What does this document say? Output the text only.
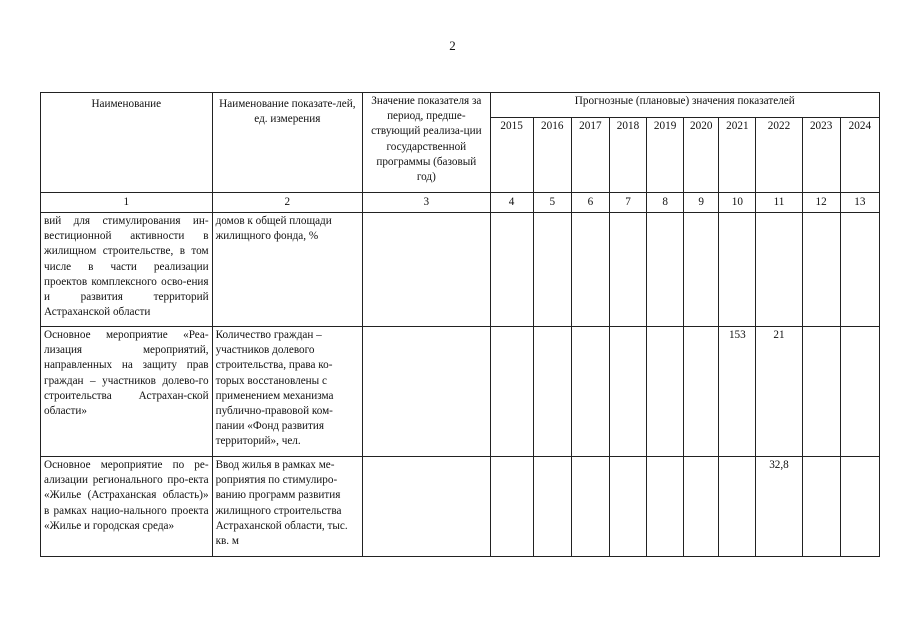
2
Наименование	Наименование показате-лей, ед. измерения	Значение показателя за период, предше-ствующий реализа-ции государственной программы (базовый год)	Прогнозные (плановые) значения показателей									
			2015	2016	2017	2018	2019	2020	2021	2022	2023	2024
1	2	3	4	5	6	7	8	9	10	11	12	13
вий для стимулирования ин-вестиционной активности в жилищном строительстве, в том числе в части реализации проектов комплексного осво-ения и развития территорий Астраханской области	домов к общей площади жилищного фонда, %											
Основное мероприятие «Реа-лизация мероприятий, направленных на защиту прав граждан – участников долево-го строительства Астрахан-ской области»	Количество граждан – участников долевого строительства, права ко-торых восстановлены с применением механизма публично-правовой ком-пании «Фонд развития территорий», чел.								153	21		
Основное мероприятие по ре-ализации регионального про-екта «Жилье (Астраханская область)» в рамках нацио-нального проекта «Жилье и городская среда»	Ввод жилья в рамках ме-роприятия по стимулиро-ванию программ развития жилищного строительства Астраханской области, тыс. кв. м									32,8		
